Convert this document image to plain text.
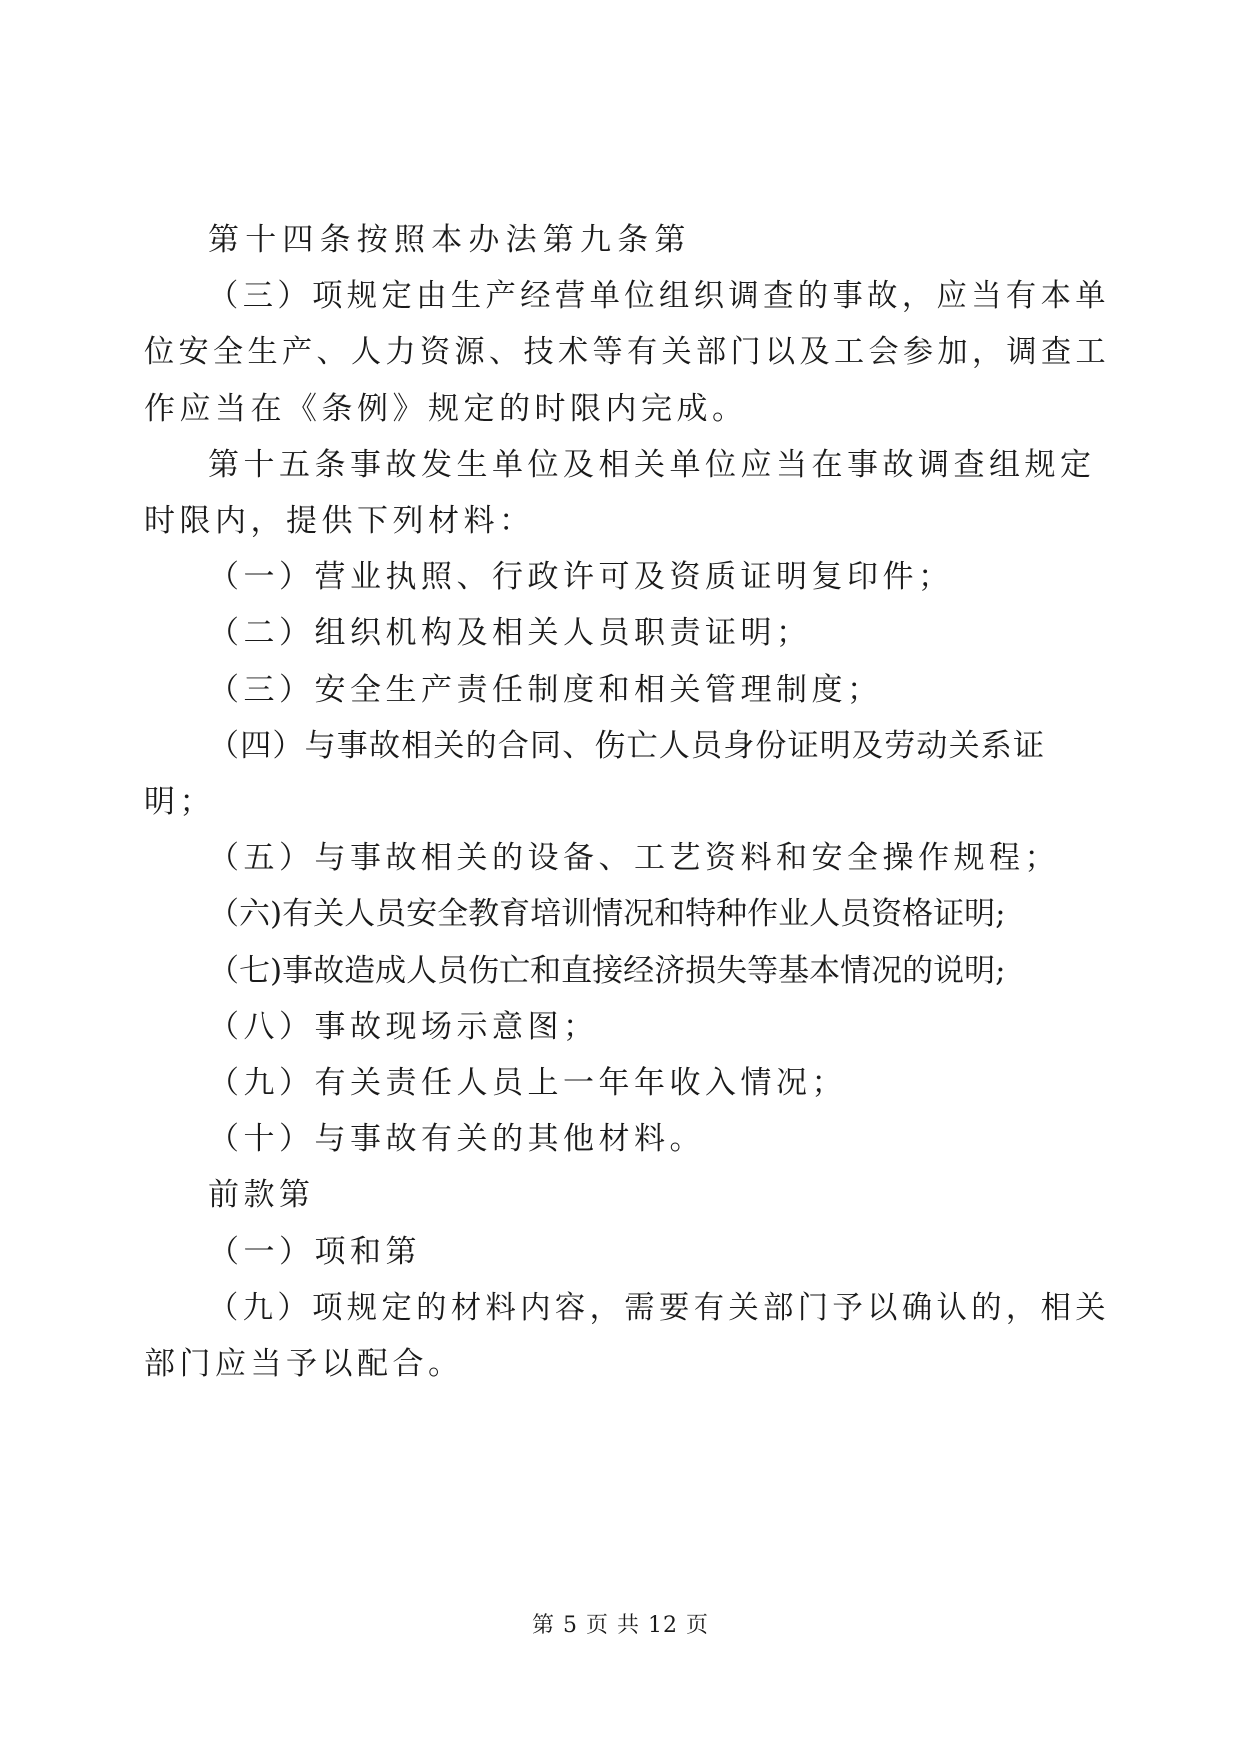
第十四条按照本办法第九条第
（三）项规定由生产经营单位组织调查的事故，应当有本单
位安全生产、人力资源、技术等有关部门以及工会参加，调查工
作应当在《条例》规定的时限内完成。
第十五条事故发生单位及相关单位应当在事故调查组规定
时限内，提供下列材料：
（一）营业执照、行政许可及资质证明复印件；
（二）组织机构及相关人员职责证明；
（三）安全生产责任制度和相关管理制度；
（四）与事故相关的合同、伤亡人员身份证明及劳动关系证
明；
（五）与事故相关的设备、工艺资料和安全操作规程；
（六)有关人员安全教育培训情况和特种作业人员资格证明;
（七)事故造成人员伤亡和直接经济损失等基本情况的说明;
（八）事故现场示意图；
（九）有关责任人员上一年年收入情况；
（十）与事故有关的其他材料。
前款第
（一）项和第
（九）项规定的材料内容，需要有关部门予以确认的，相关
部门应当予以配合。
第 5 页 共 12 页
